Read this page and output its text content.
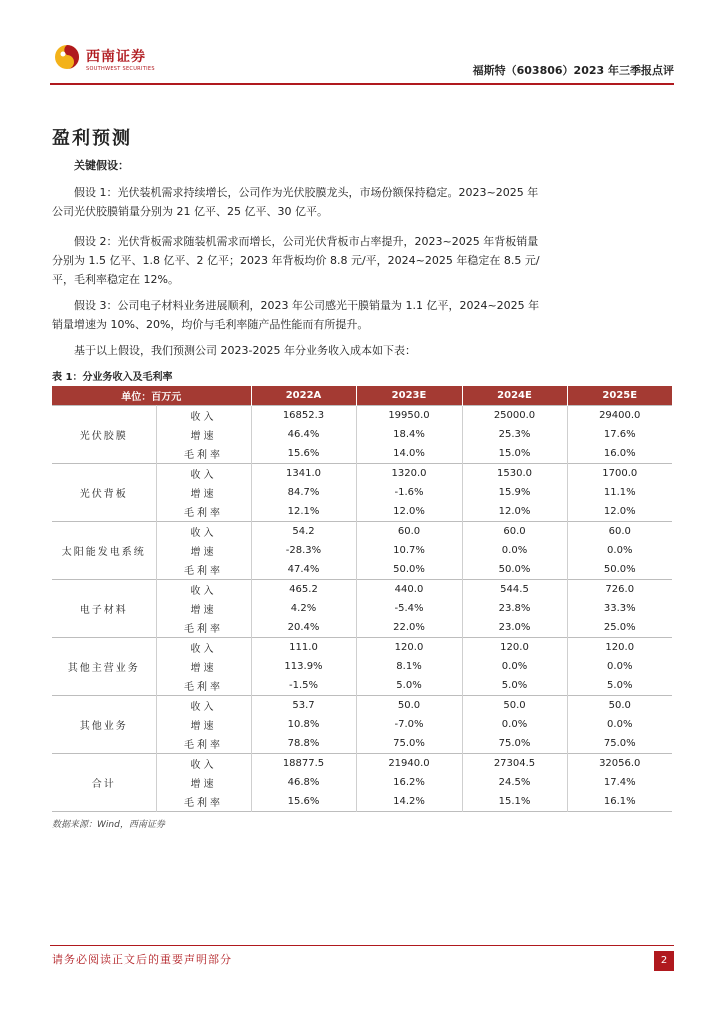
西南证券
SOUTHWEST SECURITIES	福斯特（603806）2023 年三季报点评
盈利预测
关键假设：
假设 1：光伏装机需求持续增长，公司作为光伏胶膜龙头，市场份额保持稳定。2023~2025 年公司光伏胶膜销量分别为 21 亿平、25 亿平、30 亿平。
假设 2：光伏背板需求随装机需求而增长，公司光伏背板市占率提升，2023~2025 年背板销量分别为 1.5 亿平、1.8 亿平、2 亿平；2023 年背板均价 8.8 元/平，2024~2025 年稳定在 8.5 元/平，毛利率稳定在 12%。
假设 3：公司电子材料业务进展顺利，2023 年公司感光干膜销量为 1.1 亿平，2024~2025 年销量增速为 10%、20%，均价与毛利率随产品性能而有所提升。
基于以上假设，我们预测公司 2023-2025 年分业务收入成本如下表：
表 1：分业务收入及毛利率
单位：百万元		2022A	2023E	2024E	2025E
光伏胶膜	收入	16852.3	19950.0	25000.0	29400.0
	增速	46.4%	18.4%	25.3%	17.6%
	毛利率	15.6%	14.0%	15.0%	16.0%
光伏背板	收入	1341.0	1320.0	1530.0	1700.0
	增速	84.7%	-1.6%	15.9%	11.1%
	毛利率	12.1%	12.0%	12.0%	12.0%
太阳能发电系统	收入	54.2	60.0	60.0	60.0
	增速	-28.3%	10.7%	0.0%	0.0%
	毛利率	47.4%	50.0%	50.0%	50.0%
电子材料	收入	465.2	440.0	544.5	726.0
	增速	4.2%	-5.4%	23.8%	33.3%
	毛利率	20.4%	22.0%	23.0%	25.0%
其他主营业务	收入	111.0	120.0	120.0	120.0
	增速	113.9%	8.1%	0.0%	0.0%
	毛利率	-1.5%	5.0%	5.0%	5.0%
其他业务	收入	53.7	50.0	50.0	50.0
	增速	10.8%	-7.0%	0.0%	0.0%
	毛利率	78.8%	75.0%	75.0%	75.0%
合计	收入	18877.5	21940.0	27304.5	32056.0
	增速	46.8%	16.2%	24.5%	17.4%
	毛利率	15.6%	14.2%	15.1%	16.1%
数据来源：Wind，西南证券
请务必阅读正文后的重要声明部分	2
